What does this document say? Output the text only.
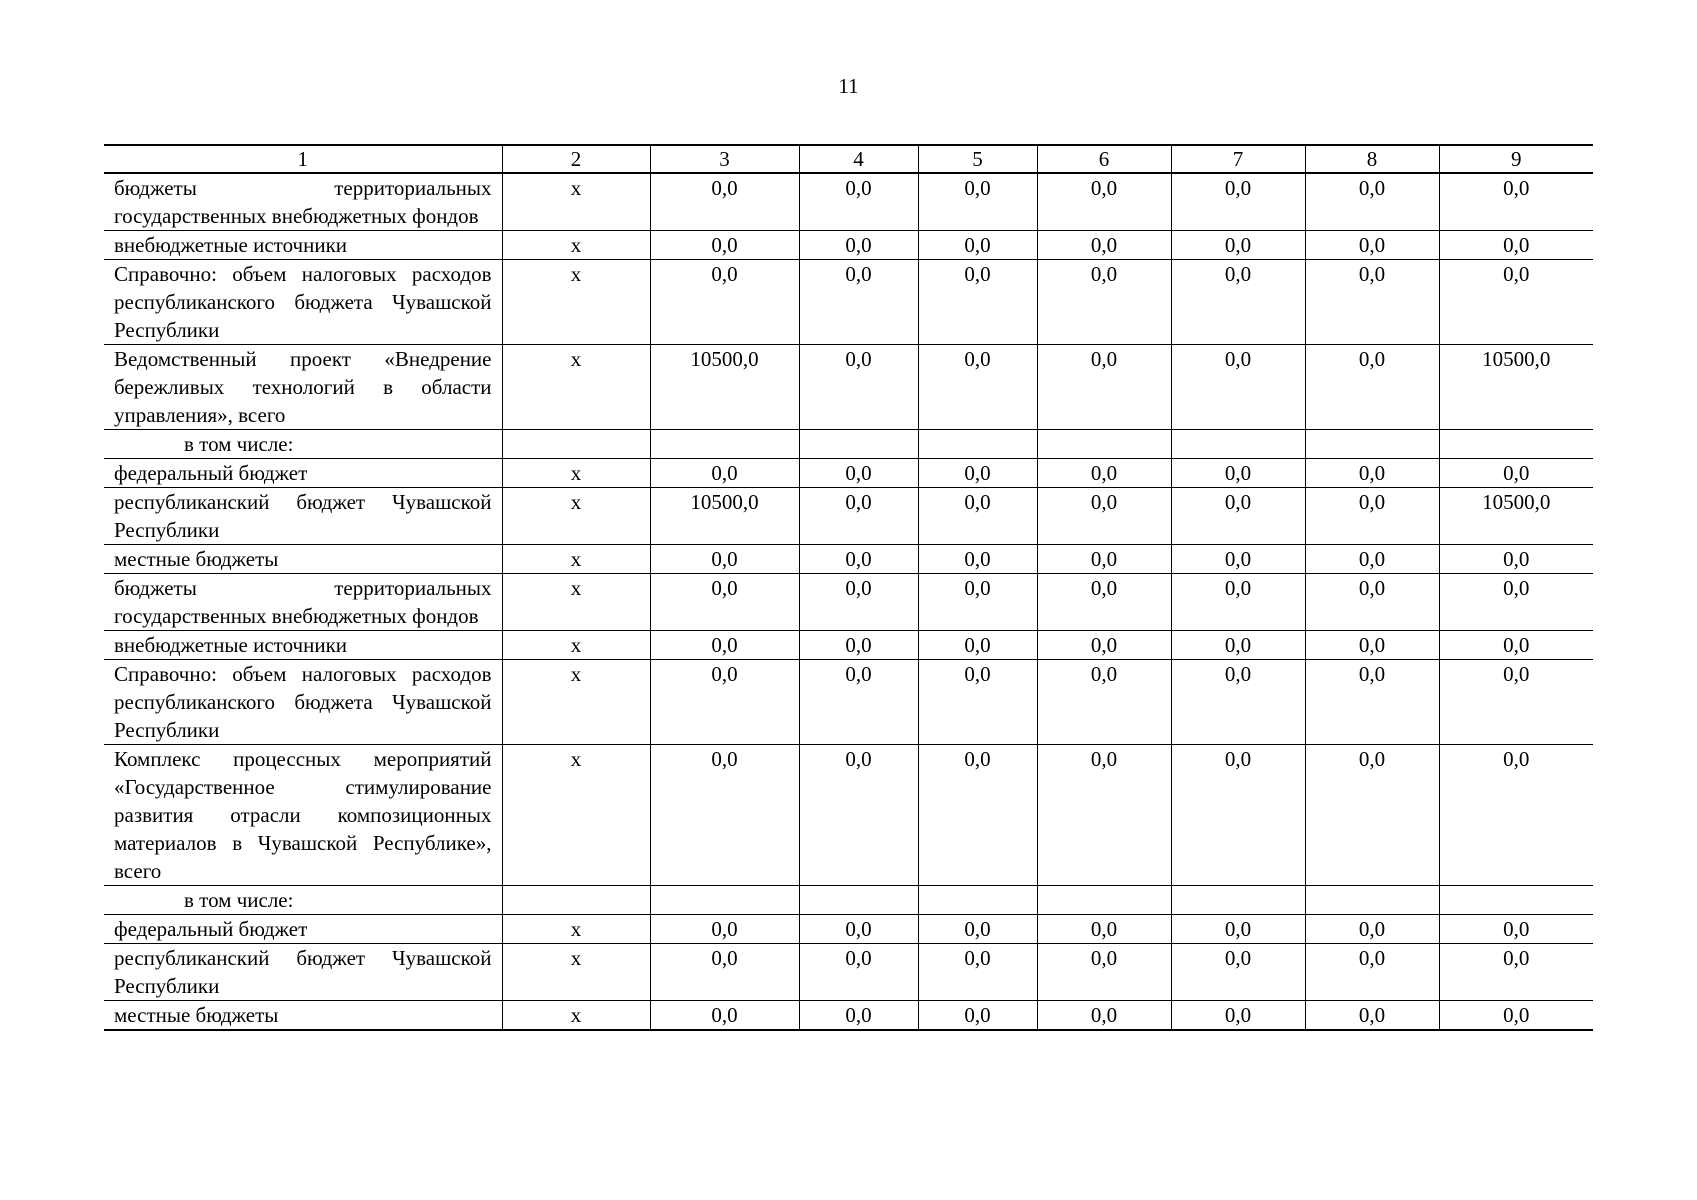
11
1	2	3	4	5	6	7	8	9
бюджеты территориальных государственных внебюджетных фондов	x	0,0	0,0	0,0	0,0	0,0	0,0	0,0
внебюджетные источники	x	0,0	0,0	0,0	0,0	0,0	0,0	0,0
Справочно: объем налоговых расходов республиканского бюджета Чувашской Республики	x	0,0	0,0	0,0	0,0	0,0	0,0	0,0
Ведомственный проект «Внедрение бережливых технологий в области управления», всего	x	10500,0	0,0	0,0	0,0	0,0	0,0	10500,0
в том числе:								
федеральный бюджет	x	0,0	0,0	0,0	0,0	0,0	0,0	0,0
республиканский бюджет Чувашской Республики	x	10500,0	0,0	0,0	0,0	0,0	0,0	10500,0
местные бюджеты	x	0,0	0,0	0,0	0,0	0,0	0,0	0,0
бюджеты территориальных государственных внебюджетных фондов	x	0,0	0,0	0,0	0,0	0,0	0,0	0,0
внебюджетные источники	x	0,0	0,0	0,0	0,0	0,0	0,0	0,0
Справочно: объем налоговых расходов республиканского бюджета Чувашской Республики	x	0,0	0,0	0,0	0,0	0,0	0,0	0,0
Комплекс процессных мероприятий «Государственное стимулирование развития отрасли композиционных материалов в Чувашской Республике», всего	x	0,0	0,0	0,0	0,0	0,0	0,0	0,0
в том числе:								
федеральный бюджет	x	0,0	0,0	0,0	0,0	0,0	0,0	0,0
республиканский бюджет Чувашской Республики	x	0,0	0,0	0,0	0,0	0,0	0,0	0,0
местные бюджеты	x	0,0	0,0	0,0	0,0	0,0	0,0	0,0
